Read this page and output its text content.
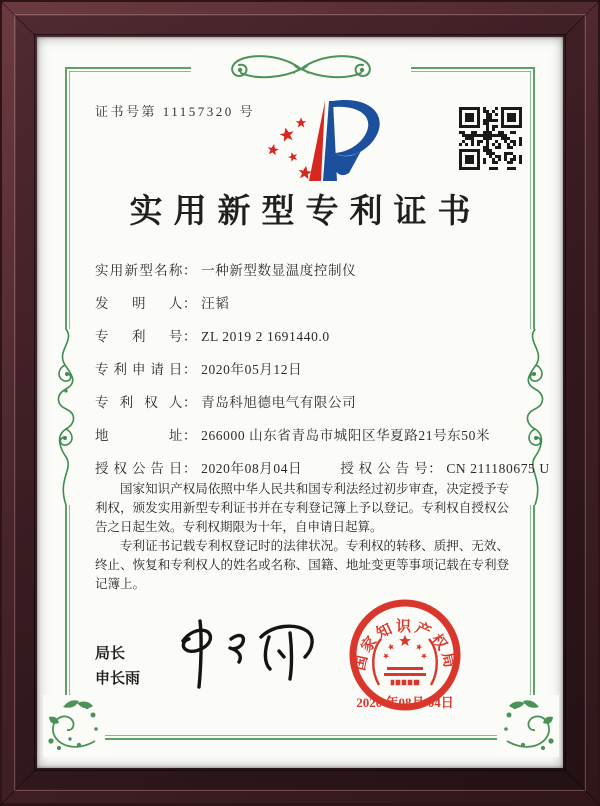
证书号第 11157320 号
实用新型专利证书
实用新型名称： 一种新型数显温度控制仪
发明人： 汪韬
专利号： ZL 2019 2 1691440.0
专利申请日： 2020年05月12日
专利权人： 青岛科旭德电气有限公司
地址： 266000 山东省青岛市城阳区华夏路21号东50米
授权公告日： 2020年08月04日	授权公告号： CN 211180675 U

国家知识产权局依照中华人民共和国专利法经过初步审查，决定授予专利权，颁发实用新型专利证书并在专利登记簿上予以登记。专利权自授权公告之日起生效。专利权期限为十年，自申请日起算。

专利证书记载专利权登记时的法律状况。专利权的转移、质押、无效、终止、恢复和专利权人的姓名或名称、国籍、地址变更等事项记载在专利登记簿上。

局长
申长雨
国家知识产权局
2020 年08月 04日
